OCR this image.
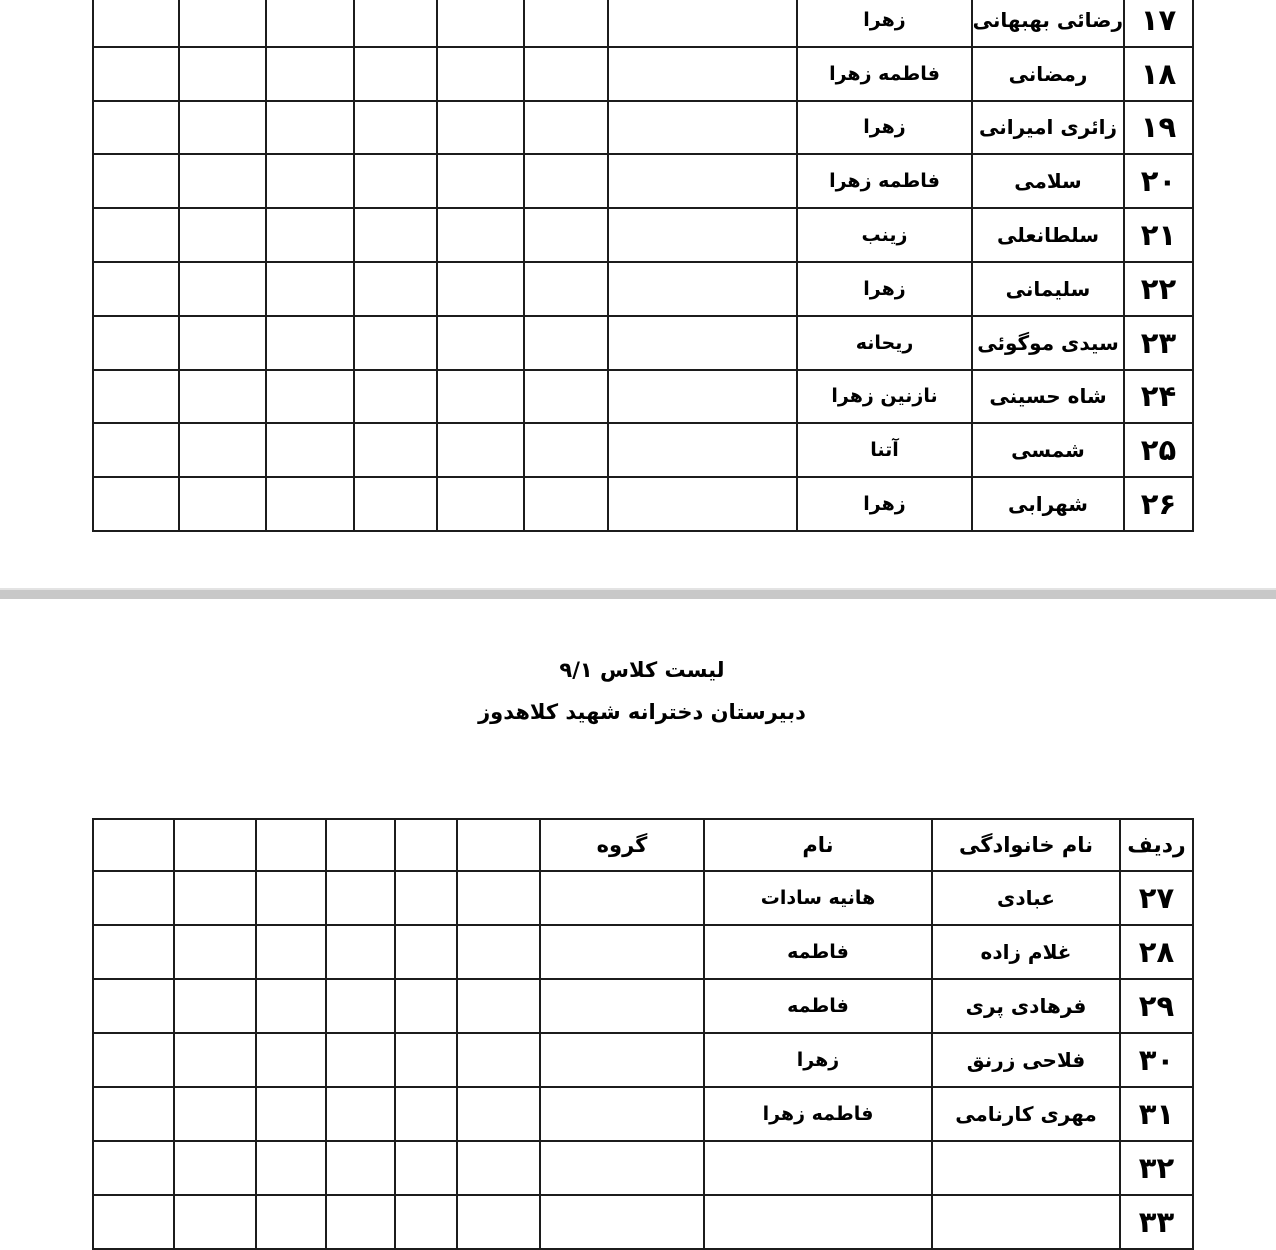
۱۷	رضائی بهبهانی	زهرا							
۱۸	رمضانی	فاطمه زهرا							
۱۹	زائری امیرانی	زهرا							
۲۰	سلامی	فاطمه زهرا							
۲۱	سلطانعلی	زینب							
۲۲	سلیمانی	زهرا							
۲۳	سیدی موگوئی	ریحانه							
۲۴	شاه حسینی	نازنین زهرا							
۲۵	شمسی	آتنا							
۲۶	شهرابی	زهرا							
لیست کلاس ۹/۱
دبیرستان دخترانه شهید کلاهدوز
ردیف	نام خانوادگی	نام	گروه						
۲۷	عبادی	هانیه سادات							
۲۸	غلام زاده	فاطمه							
۲۹	فرهادی پری	فاطمه							
۳۰	فلاحی زرنق	زهرا							
۳۱	مهری کارنامی	فاطمه زهرا							
۳۲									
۳۳									
